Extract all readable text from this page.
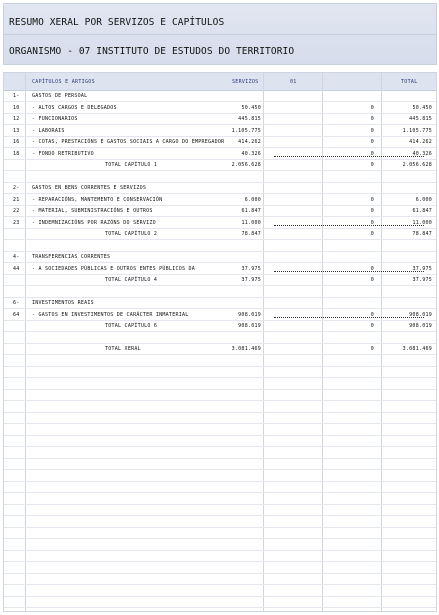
RESUMO XERAL POR SERVIZOS E CAPÍTULOS
ORGANISMO - 07 INSTITUTO DE ESTUDOS DO TERRITORIO
CAPÍTULOS E ARTIGOS	SERVIZOS	01	TOTAL
1- GASTOS DE PERSOAL
10 - ALTOS CARGOS E DELEGADOS	50.450	0	50.450
12 - FUNCIONARIOS	445.815	0	445.815
13 - LABORAIS	1.105.775	0	1.105.775
16 - COTAS, PRESTACIÓNS E GASTOS SOCIAIS A CARGO DO EMPREGADOR	414.262	0	414.262
18 - FONDO RETRIBUTIVO	40.326	0	40.326
TOTAL CAPÍTULO 1	2.056.628	0	2.056.628
2- GASTOS EN BENS CORRENTES E SERVIZOS
21 - REPARACIÓNS, MANTEMENTO E CONSERVACIÓN	6.000	0	6.000
22 - MATERIAL, SUBMINISTRACIÓNS E OUTROS	61.847	0	61.847
23 - INDEMNIZACIÓNS POR RAZÓNS DO SERVIZO	11.000	0	11.000
TOTAL CAPÍTULO 2	78.847	0	78.847
4- TRANSFERENCIAS CORRENTES
44 - A SOCIEDADES PÚBLICAS E OUTROS ENTES PÚBLICOS DA	37.975	0	37.975
TOTAL CAPÍTULO 4	37.975	0	37.975
6- INVESTIMENTOS REAIS
64 - GASTOS EN INVESTIMENTOS DE CARÁCTER INMATERIAL	908.019	0	908.019
TOTAL CAPÍTULO 6	908.019	0	908.019
TOTAL XERAL	3.081.469	0	3.081.469
